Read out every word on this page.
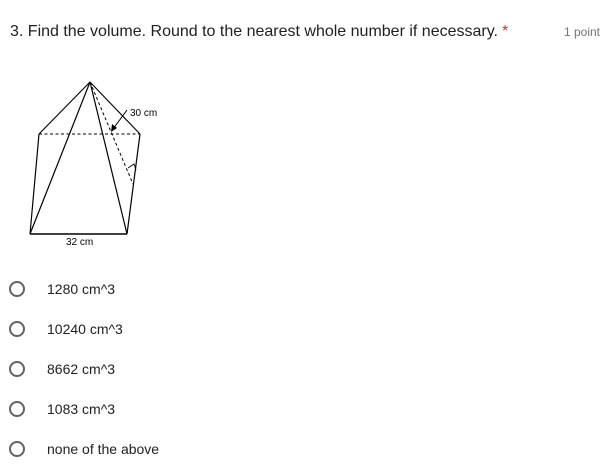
3. Find the volume. Round to the nearest whole number if necessary. *	1 point
30 cm
32 cm
1280 cm^3
10240 cm^3
8662 cm^3
1083 cm^3
none of the above
